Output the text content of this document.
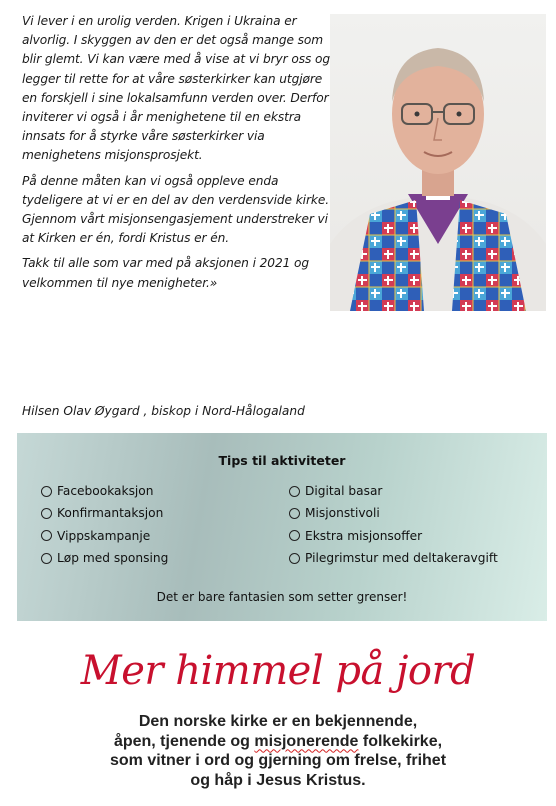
Vi lever i en urolig verden. Krigen i Ukraina er alvorlig. I skyggen av den er det også mange som blir glemt. Vi kan være med å vise at vi bryr oss og legger til rette for at våre søsterkirker kan utgjøre en forskjell i sine lokalsamfunn verden over. Derfor inviterer vi også i år menighetene til en ekstra innsats for å styrke våre søsterkirker via menighetens misjonsprosjekt.

På denne måten kan vi også oppleve enda tydeligere at vi er en del av den verdensvide kirke. Gjennom vårt misjonsengasjement understreker vi at Kirken er én, fordi Kristus er én.

Takk til alle som var med på aksjonen i 2021 og velkommen til nye menigheter.»

Hilsen Olav Øygard , biskop i Nord-Hålogaland
Tips til aktiviteter
Facebookaksjon
Konfirmantaksjon
Vippskampanje
Løp med sponsing
Digital basar
Misjonstivoli
Ekstra misjonsoffer
Pilegrimstur med deltakeravgift
Det er bare fantasien som setter grenser!
Mer himmel på jord
Den norske kirke er en bekjennende,
åpen, tjenende og misjonerende folkekirke,
som vitner i ord og gjerning om frelse, frihet
og håp i Jesus Kristus.
